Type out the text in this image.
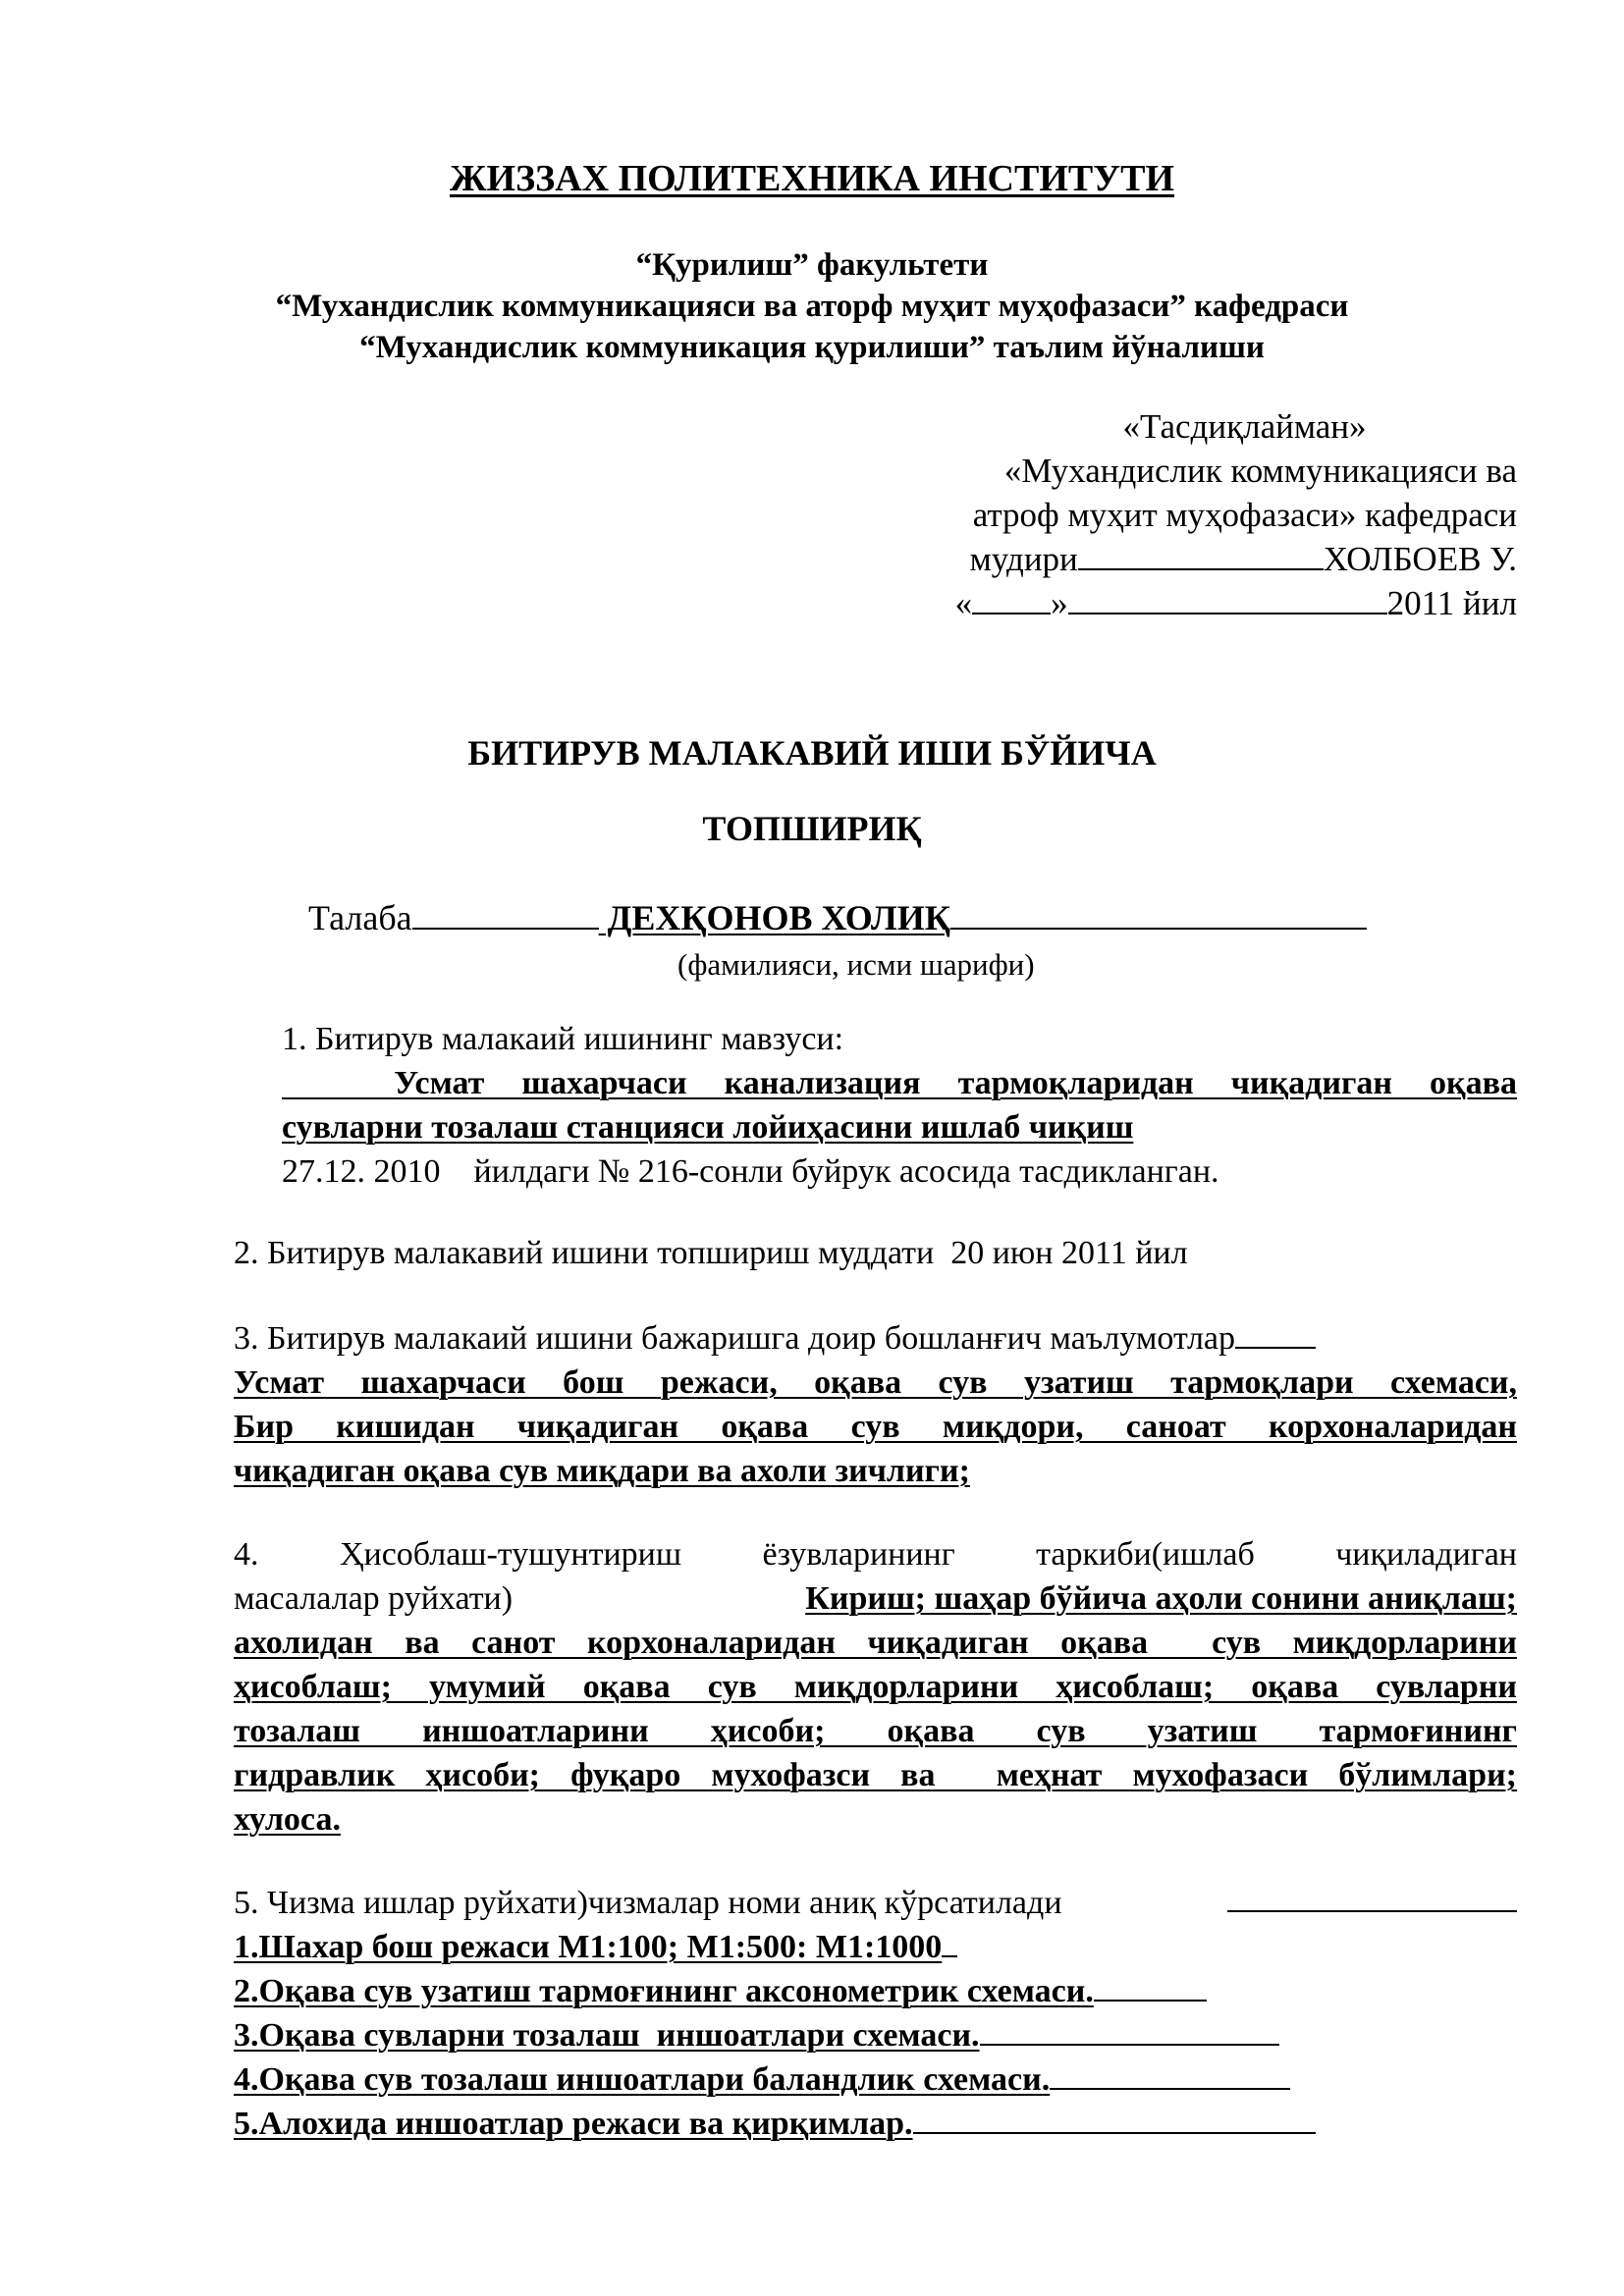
ЖИЗЗАХ ПОЛИТЕХНИКА ИНСТИТУТИ
“Қурилиш” факультети
“Мухандислик коммуникацияси ва аторф муҳит муҳофазаси” кафедраси
“Мухандислик коммуникация қурилиши” таълим йўналиши
«Тасдиқлайман»
«Мухандислик коммуникацияси ва
атроф муҳит муҳофазаси» кафедраси
мудири	ХОЛБОЕВ У.
« »	2011 йил
БИТИРУВ МАЛАКАВИЙ ИШИ БЎЙИЧА
ТОПШИРИҚ
Талаба	ДЕХҚОНОВ ХОЛИҚ
(фамилияси, исми шарифи)
1. Битирув малакаий ишининг мавзуси:
Усмат шахарчаси канализация тармоқларидан чиқадиган оқава
сувларни тозалаш станцияси лойиҳасини ишлаб чиқиш
27.12. 2010    йилдаги № 216-сонли буйрук асосида тасдикланган.
2. Битирув малакавий ишини топшириш муддати  20 июн 2011 йил
3. Битирув малакаий ишини бажаришга доир бошланғич маълумотлар
Усмат шахарчаси бош режаси, оқава сув узатиш тармоқлари схемаси,
Бир кишидан чиқадиган оқава сув миқдори, саноат корхоналаридан
чиқадиган оқава сув миқдари ва ахоли зичлиги;
4.   Ҳисоблаш-тушунтириш   ёзувларининг   таркиби(ишлаб   чиқиладиган
масалалар руйхати)	Кириш; шаҳар бўйича аҳоли сонини аниқлаш;
ахолидан ва санот корхоналаридан чиқадиган оқава  сув миқдорларини
ҳисоблаш; умумий оқава сув миқдорларини ҳисоблаш; оқава сувларни
тозалаш  иншоатларини  ҳисоби;  оқава  сув  узатиш  тармоғининг
гидравлик ҳисоби; фуқаро мухофазси ва  меҳнат мухофазаси бўлимлари;
хулоса.
5. Чизма ишлар руйхати)чизмалар номи аниқ кўрсатилади
1.Шахар бош режаси М1:100; М1:500: М1:1000
2.Оқава сув узатиш тармоғининг аксонометрик схемаси.
3.Оқава сувларни тозалаш  иншоатлари схемаси.
4.Оқава сув тозалаш иншоатлари баландлик схемаси.
5.Алохида иншоатлар режаси ва қирқимлар.
